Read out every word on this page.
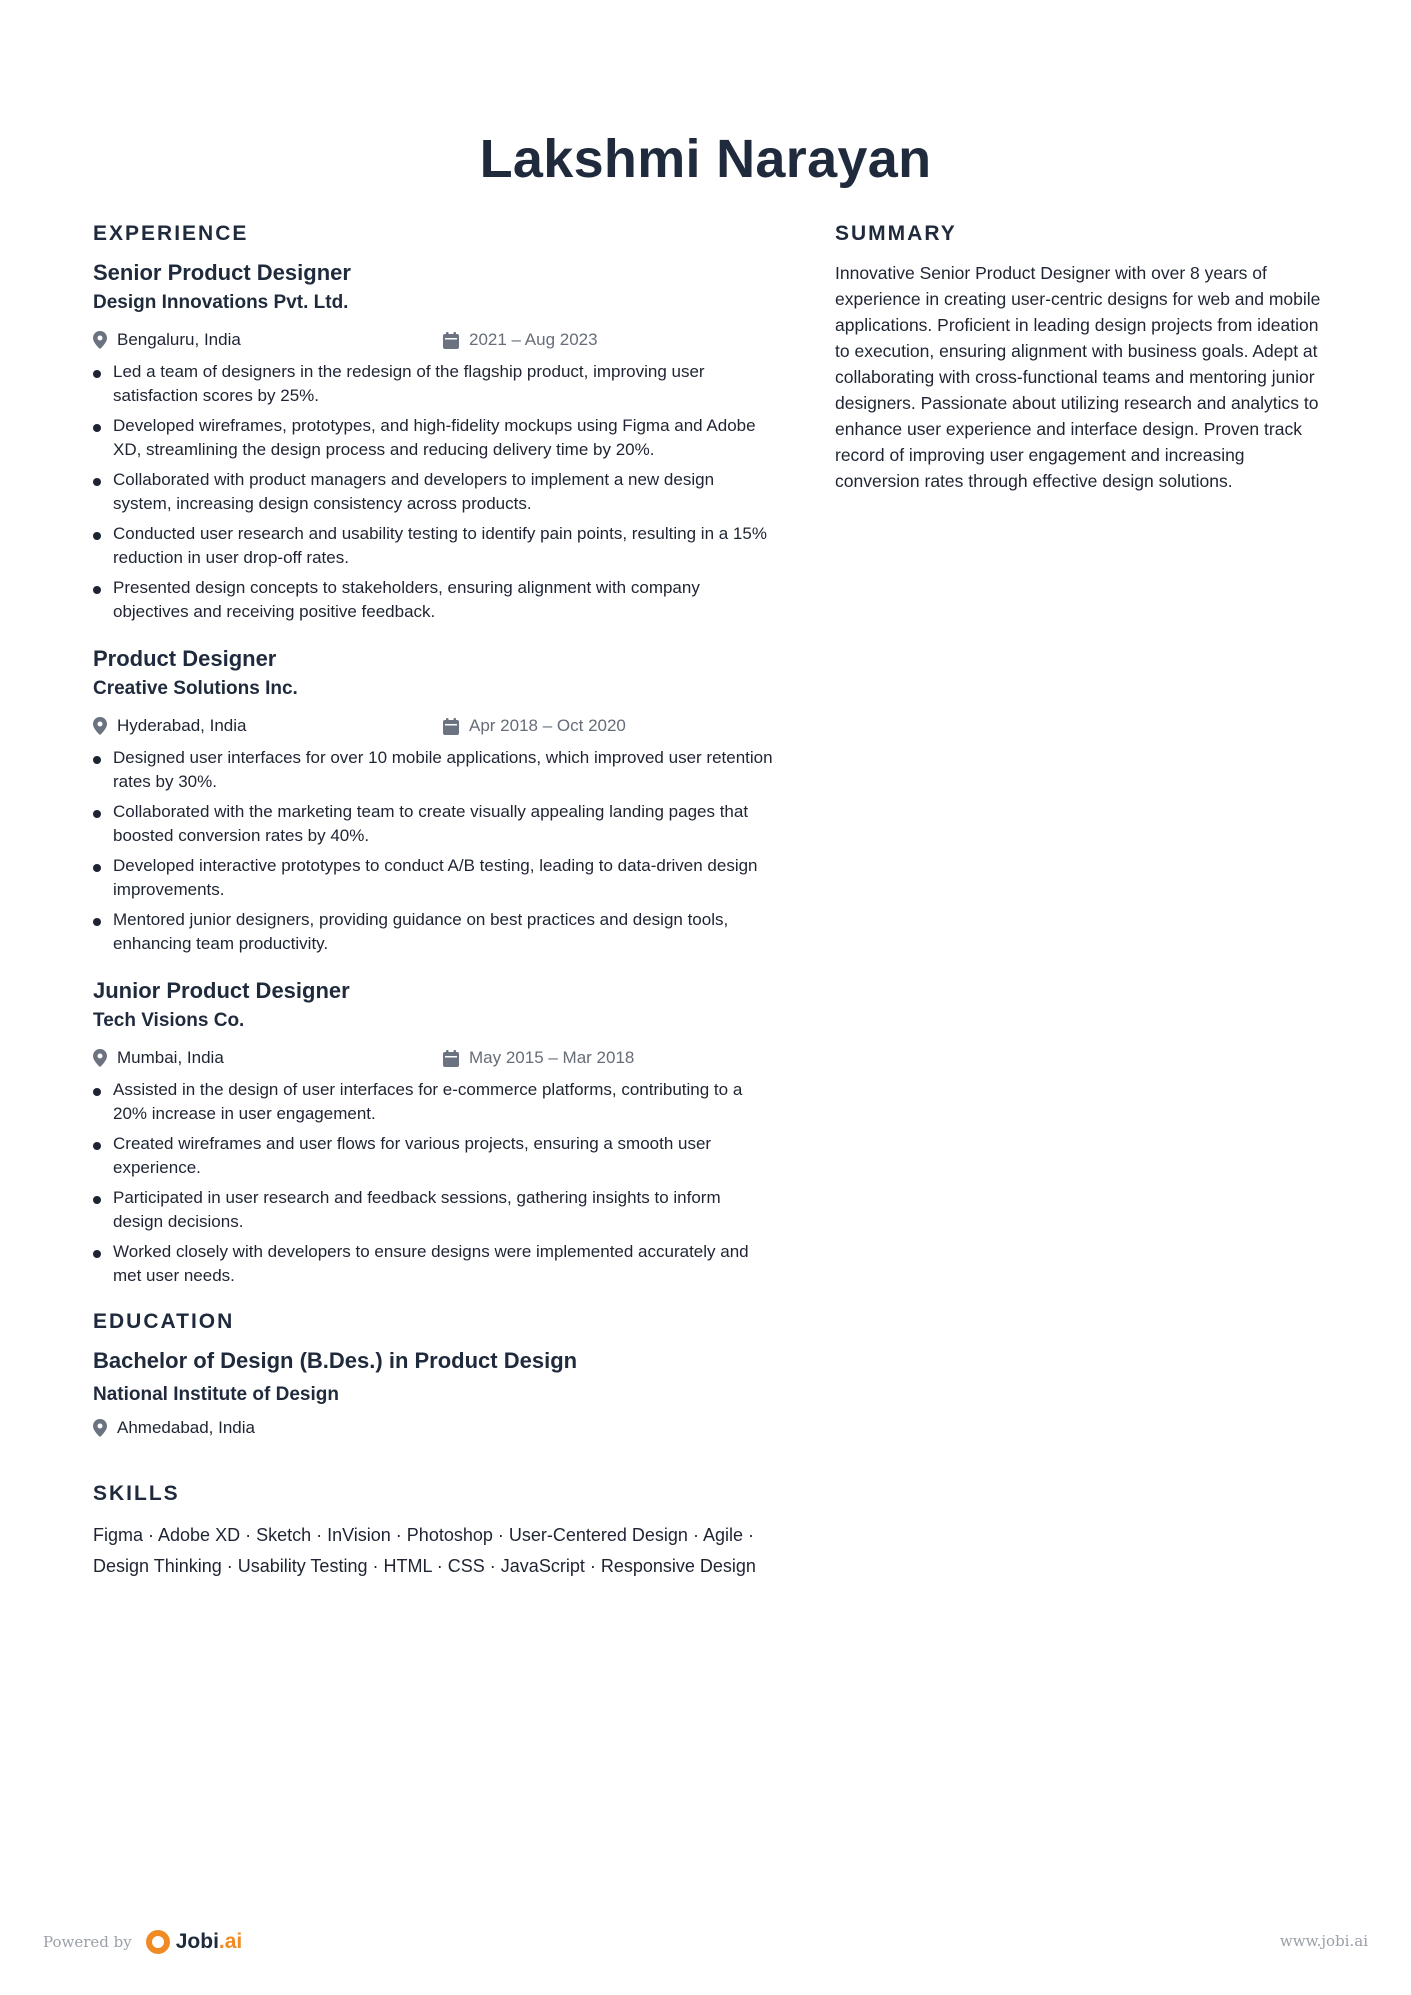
Lakshmi Narayan
EXPERIENCE
Senior Product Designer
Design Innovations Pvt. Ltd.
Bengaluru, India	2021 – Aug 2023
Led a team of designers in the redesign of the flagship product, improving user satisfaction scores by 25%.
Developed wireframes, prototypes, and high-fidelity mockups using Figma and Adobe XD, streamlining the design process and reducing delivery time by 20%.
Collaborated with product managers and developers to implement a new design system, increasing design consistency across products.
Conducted user research and usability testing to identify pain points, resulting in a 15% reduction in user drop-off rates.
Presented design concepts to stakeholders, ensuring alignment with company objectives and receiving positive feedback.
Product Designer
Creative Solutions Inc.
Hyderabad, India	Apr 2018 – Oct 2020
Designed user interfaces for over 10 mobile applications, which improved user retention rates by 30%.
Collaborated with the marketing team to create visually appealing landing pages that boosted conversion rates by 40%.
Developed interactive prototypes to conduct A/B testing, leading to data-driven design improvements.
Mentored junior designers, providing guidance on best practices and design tools, enhancing team productivity.
Junior Product Designer
Tech Visions Co.
Mumbai, India	May 2015 – Mar 2018
Assisted in the design of user interfaces for e-commerce platforms, contributing to a 20% increase in user engagement.
Created wireframes and user flows for various projects, ensuring a smooth user experience.
Participated in user research and feedback sessions, gathering insights to inform design decisions.
Worked closely with developers to ensure designs were implemented accurately and met user needs.
EDUCATION
Bachelor of Design (B.Des.) in Product Design
National Institute of Design
Ahmedabad, India
SKILLS
Figma · Adobe XD · Sketch · InVision · Photoshop · User-Centered Design · Agile ·
Design Thinking · Usability Testing · HTML · CSS · JavaScript · Responsive Design
SUMMARY

Innovative Senior Product Designer with over 8 years of experience in creating user-centric designs for web and mobile applications. Proficient in leading design projects from ideation to execution, ensuring alignment with business goals. Adept at collaborating with cross-functional teams and mentoring junior designers. Passionate about utilizing research and analytics to enhance user experience and interface design. Proven track record of improving user engagement and increasing conversion rates through effective design solutions.

Powered by Jobi.ai	www.jobi.ai
